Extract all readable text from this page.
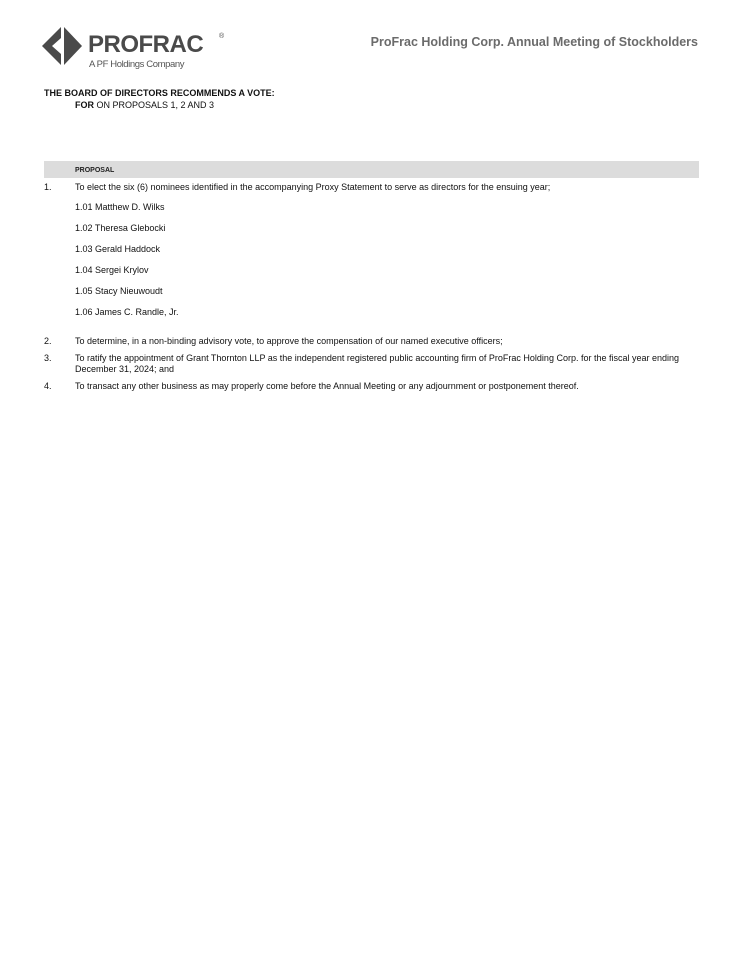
PROFRAC ®
A PF Holdings Company
ProFrac Holding Corp. Annual Meeting of Stockholders
THE BOARD OF DIRECTORS RECOMMENDS A VOTE:
FOR ON PROPOSALS 1, 2 AND 3
PROPOSAL
1.	To elect the six (6) nominees identified in the accompanying Proxy Statement to serve as directors for the ensuing year;
1.01 Matthew D. Wilks
1.02 Theresa Glebocki
1.03 Gerald Haddock
1.04 Sergei Krylov
1.05 Stacy Nieuwoudt
1.06 James C. Randle, Jr.
2.	To determine, in a non-binding advisory vote, to approve the compensation of our named executive officers;
3.	To ratify the appointment of Grant Thornton LLP as the independent registered public accounting firm of ProFrac Holding Corp. for the fiscal year ending December 31, 2024; and
4.	To transact any other business as may properly come before the Annual Meeting or any adjournment or postponement thereof.
